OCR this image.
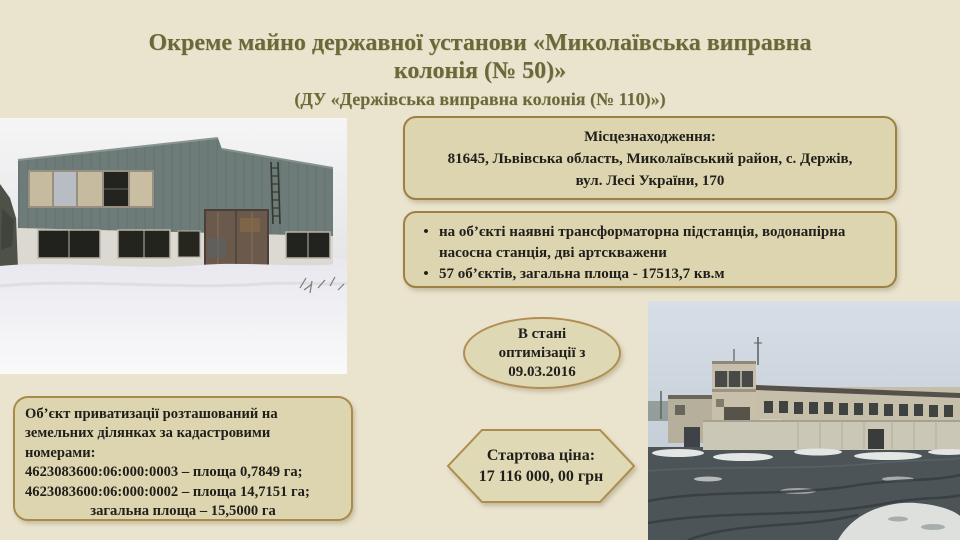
Окреме майно державної установи «Миколаївська виправна
колонія (№ 50)»
(ДУ «Держівська виправна колонія (№ 110)»)
Місцезнаходження:
81645, Львівська область, Миколаївський район, с. Держів,
вул. Лесі України, 170
• на об’єкті наявні трансформаторна підстанція, водонапірна насосна станція, дві артскважени
• 57 об’єктів, загальна площа - 17513,7 кв.м
В стані оптимізації з 09.03.2016
Стартова ціна:
17 116 000, 00 грн
Об’єкт приватизації розташований на
земельних ділянках за кадастровими
номерами:
4623083600:06:000:0003 – площа 0,7849 га;
4623083600:06:000:0002 – площа 14,7151 га;
загальна площа – 15,5000 га
